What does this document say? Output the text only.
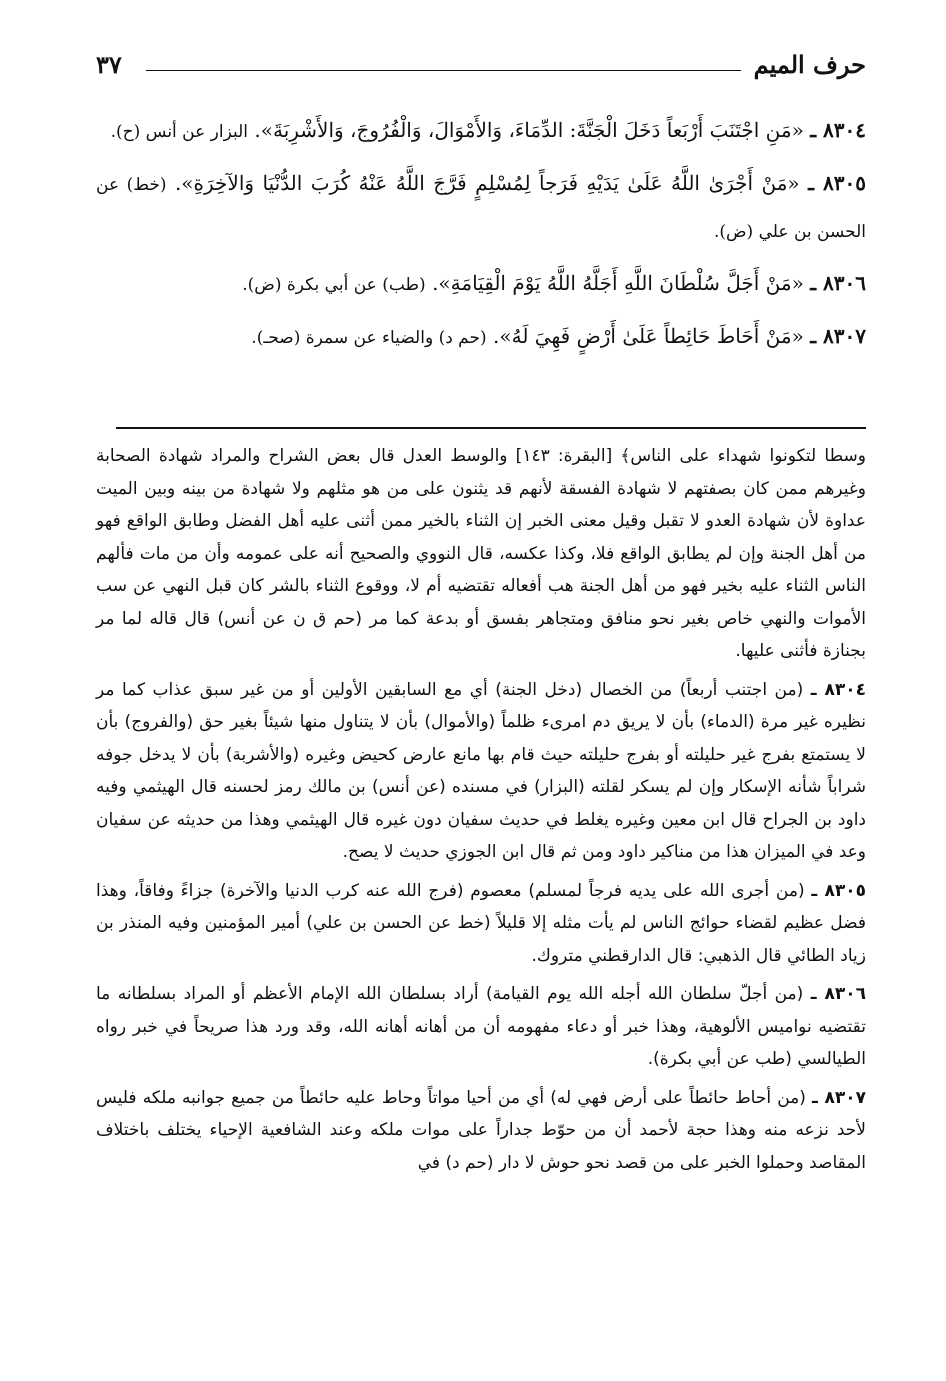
حرف الميم
٣٧
٨٣٠٤ ـ «مَنِ اجْتَنَبَ أَرْبَعاً دَخَلَ الْجَنَّةَ: الدِّمَاءَ، وَالأَمْوَالَ، وَالْفُرُوجَ، وَالأَشْرِبَةَ». البزار عن أنس (ح).
٨٣٠٥ ـ «مَنْ أَجْرَىٰ اللَّهُ عَلَىٰ يَدَيْهِ فَرَجاً لِمُسْلِمٍ فَرَّجَ اللَّهُ عَنْهُ كُرَبَ الدُّنْيَا وَالآخِرَةِ». (خط) عن الحسن بن علي (ض).
٨٣٠٦ ـ «مَنْ أَجَلَّ سُلْطَانَ اللَّهِ أَجَلَّهُ اللَّهُ يَوْمَ الْقِيَامَةِ». (طب) عن أبي بكرة (ض).
٨٣٠٧ ـ «مَنْ أَحَاطَ حَائِطاً عَلَىٰ أَرْضٍ فَهِيَ لَهُ». (حم د) والضياء عن سمرة (صحـ).

وسطا لتكونوا شهداء على الناس﴾ [البقرة: ١٤٣] والوسط العدل قال بعض الشراح والمراد شهادة الصحابة وغيرهم ممن كان بصفتهم لا شهادة الفسقة لأنهم قد يثنون على من هو مثلهم ولا شهادة من بينه وبين الميت عداوة لأن شهادة العدو لا تقبل وقيل معنى الخبر إن الثناء بالخير ممن أثنى عليه أهل الفضل وطابق الواقع فهو من أهل الجنة وإن لم يطابق الواقع فلا، وكذا عكسه، قال النووي والصحيح أنه على عمومه وأن من مات فألهم الناس الثناء عليه بخير فهو من أهل الجنة هب أفعاله تقتضيه أم لا، ووقوع الثناء بالشر كان قبل النهي عن سب الأموات والنهي خاص بغير نحو منافق ومتجاهر بفسق أو بدعة كما مر (حم ق ن عن أنس) قال قاله لما مر بجنازة فأثنى عليها.

٨٣٠٤ ـ (من اجتنب أربعاً) من الخصال (دخل الجنة) أي مع السابقين الأولين أو من غير سبق عذاب كما مر نظيره غير مرة (الدماء) بأن لا يريق دم امرىء ظلماً (والأموال) بأن لا يتناول منها شيئاً بغير حق (والفروج) بأن لا يستمتع بفرج غير حليلته أو بفرج حليلته حيث قام بها مانع عارض كحيض وغيره (والأشربة) بأن لا يدخل جوفه شراباً شأنه الإسكار وإن لم يسكر لقلته (البزار) في مسنده (عن أنس) بن مالك رمز لحسنه قال الهيثمي وفيه داود بن الجراح قال ابن معين وغيره يغلط في حديث سفيان دون غيره قال الهيثمي وهذا من حديثه عن سفيان وعد في الميزان هذا من مناكير داود ومن ثم قال ابن الجوزي حديث لا يصح.

٨٣٠٥ ـ (من أجرى الله على يديه فرجاً لمسلم) معصوم (فرج الله عنه كرب الدنيا والآخرة) جزاءً وفاقاً، وهذا فضل عظيم لقضاء حوائج الناس لم يأت مثله إلا قليلاً (خط عن الحسن بن علي) أمير المؤمنين وفيه المنذر بن زياد الطائي قال الذهبي: قال الدارقطني متروك.

٨٣٠٦ ـ (من أجلّ سلطان الله أجله الله يوم القيامة) أراد بسلطان الله الإمام الأعظم أو المراد بسلطانه ما تقتضيه نواميس الألوهية، وهذا خبر أو دعاء مفهومه أن من أهانه أهانه الله، وقد ورد هذا صريحاً في خبر رواه الطيالسي (طب عن أبي بكرة).

٨٣٠٧ ـ (من أحاط حائطاً على أرض فهي له) أي من أحيا مواتاً وحاط عليه حائطاً من جميع جوانبه ملكه فليس لأحد نزعه منه وهذا حجة لأحمد أن من حوّط جداراً على موات ملكه وعند الشافعية الإحياء يختلف باختلاف المقاصد وحملوا الخبر على من قصد نحو حوش لا دار (حم د) في
